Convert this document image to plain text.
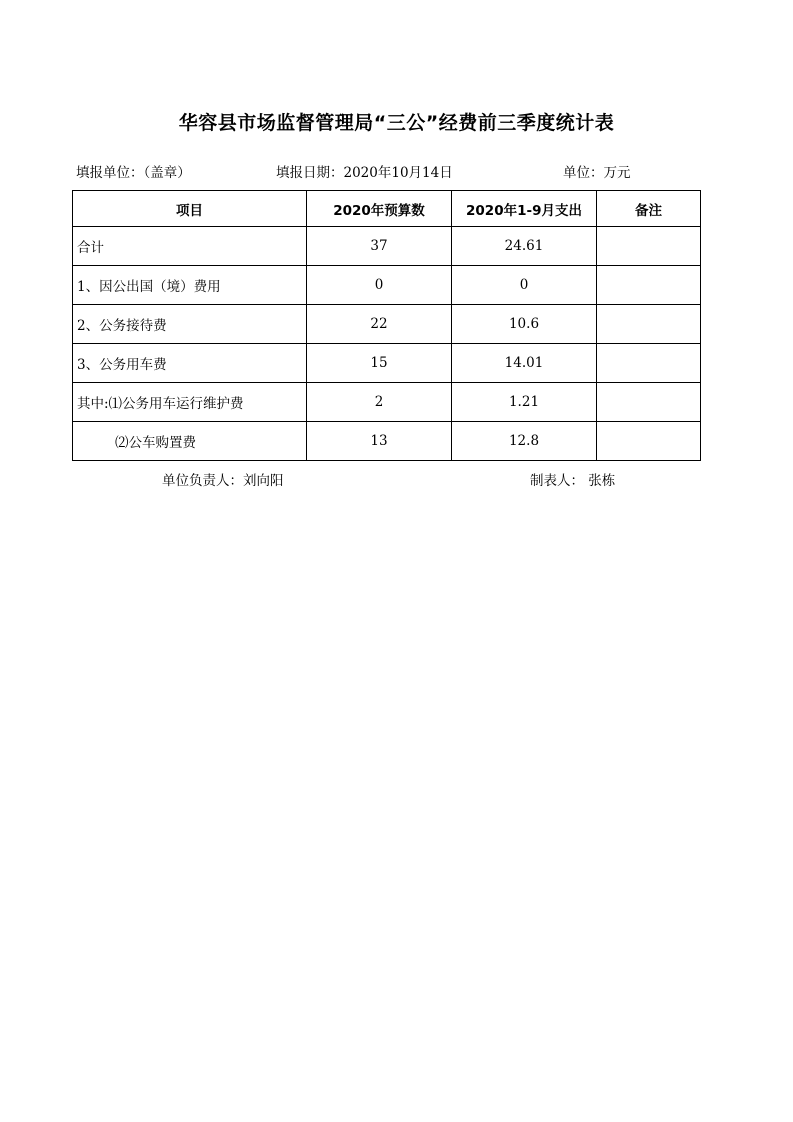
华容县市场监督管理局“三公”经费前三季度统计表
填报单位：（盖章）	填报日期：2020年10月14日	单位：万元
项目	2020年预算数	2020年1-9月支出	备注
合计	37	24.61	
1、因公出国（境）费用	0	0	
2、公务接待费	22	10.6	
3、公务用车费	15	14.01	
其中:⑴公务用车运行维护费	2	1.21	
⑵公车购置费	13	12.8	
单位负责人：刘向阳	制表人： 张栋
